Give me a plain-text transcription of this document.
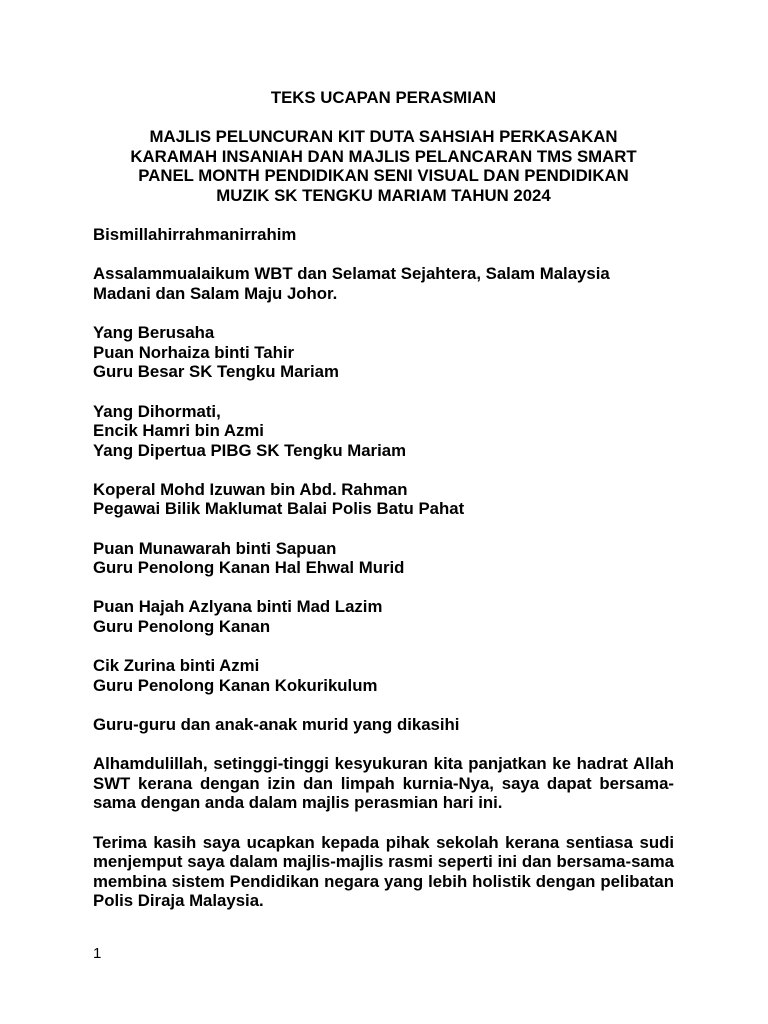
TEKS UCAPAN PERASMIAN
MAJLIS PELUNCURAN KIT DUTA SAHSIAH PERKASAKAN
KARAMAH INSANIAH DAN MAJLIS PELANCARAN TMS SMART
PANEL MONTH PENDIDIKAN SENI VISUAL DAN PENDIDIKAN
MUZIK SK TENGKU MARIAM TAHUN 2024
Bismillahirrahmanirrahim
Assalammualaikum WBT dan Selamat Sejahtera, Salam Malaysia
Madani dan Salam Maju Johor.
Yang Berusaha
Puan Norhaiza binti Tahir
Guru Besar SK Tengku Mariam
Yang Dihormati,
Encik Hamri bin Azmi
Yang Dipertua PIBG SK Tengku Mariam
Koperal Mohd Izuwan bin Abd. Rahman
Pegawai Bilik Maklumat Balai Polis Batu Pahat
Puan Munawarah binti Sapuan
Guru Penolong Kanan Hal Ehwal Murid
Puan Hajah Azlyana binti Mad Lazim
Guru Penolong Kanan
Cik Zurina binti Azmi
Guru Penolong Kanan Kokurikulum
Guru-guru dan anak-anak murid yang dikasihi

Alhamdulillah, setinggi-tinggi kesyukuran kita panjatkan ke hadrat Allah SWT kerana dengan izin dan limpah kurnia-Nya, saya dapat bersama-sama dengan anda dalam majlis perasmian hari ini.

Terima kasih saya ucapkan kepada pihak sekolah kerana sentiasa sudi menjemput saya dalam majlis-majlis rasmi seperti ini dan bersama-sama membina sistem Pendidikan negara yang lebih holistik dengan pelibatan Polis Diraja Malaysia.

1
